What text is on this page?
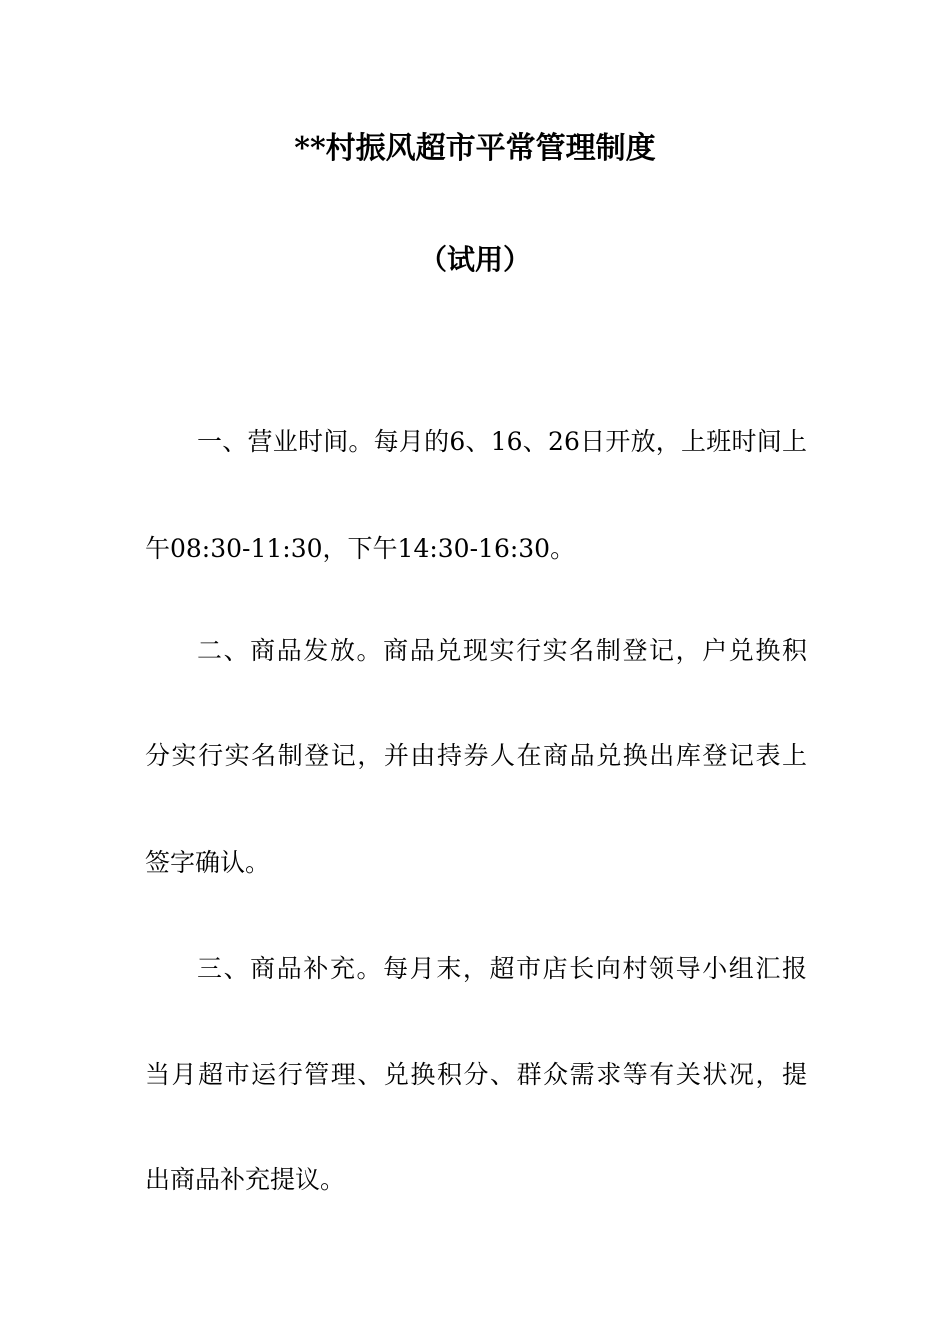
**村振风超市平常管理制度
（试用）
一、营业时间。每月的6、16、26日开放，上班时间上
午08:30-11:30，下午14:30-16:30。
二、商品发放。商品兑现实行实名制登记，户兑换积
分实行实名制登记，并由持券人在商品兑换出库登记表上
签字确认。
三、商品补充。每月末，超市店长向村领导小组汇报
当月超市运行管理、兑换积分、群众需求等有关状况，提
出商品补充提议。
